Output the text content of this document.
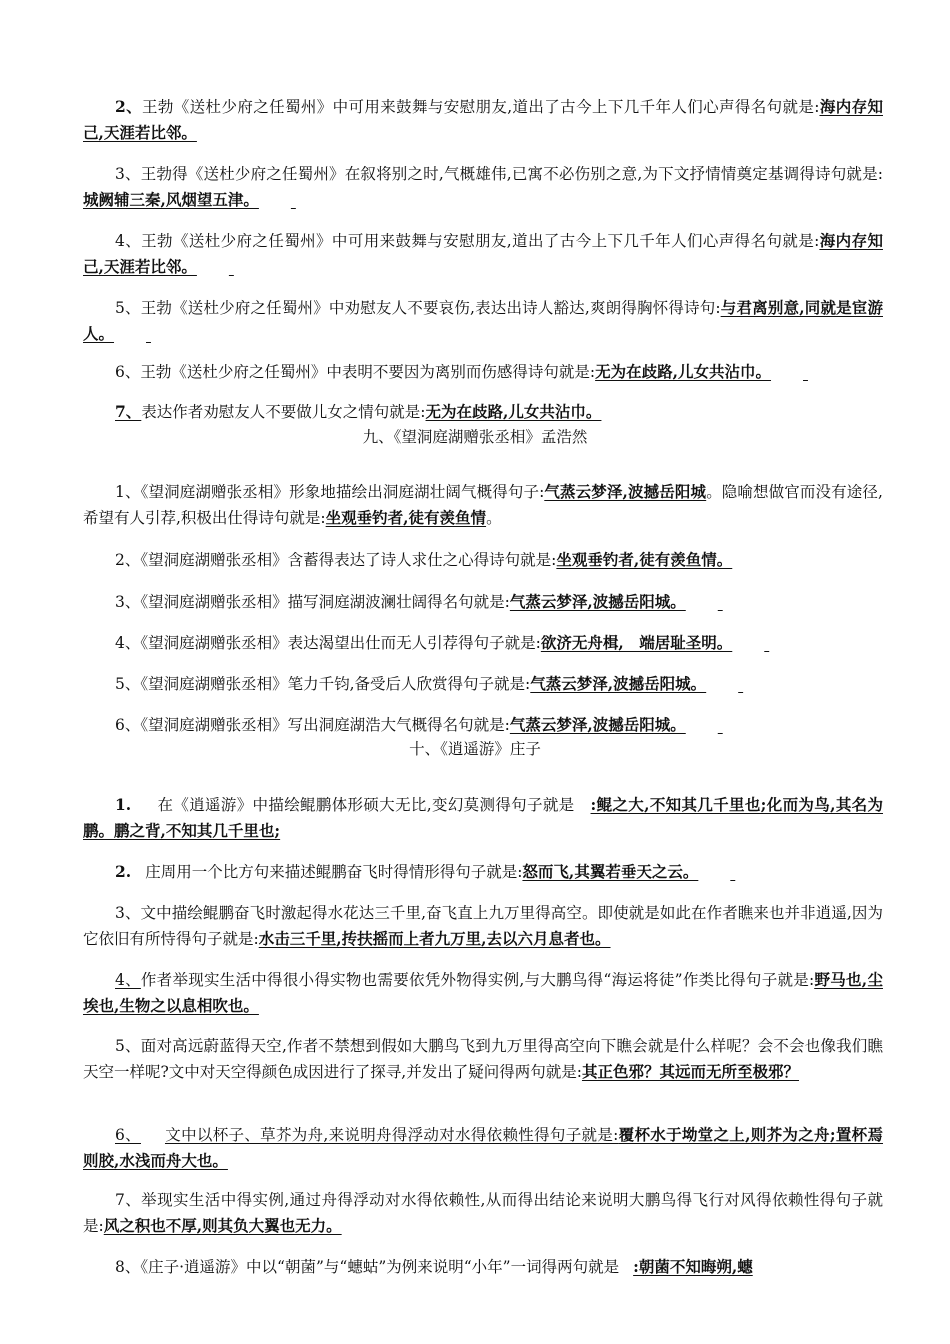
2、王勃《送杜少府之任蜀州》中可用来鼓舞与安慰朋友,道出了古今上下几千年人们心声得名句就是:海内存知己,天涯若比邻。

3、王勃得《送杜少府之任蜀州》在叙将别之时,气概雄伟,已寓不必伤别之意,为下文抒情情奠定基调得诗句就是:城阙辅三秦,风烟望五津。

4、王勃《送杜少府之任蜀州》中可用来鼓舞与安慰朋友,道出了古今上下几千年人们心声得名句就是:海内存知己,天涯若比邻。

5、王勃《送杜少府之任蜀州》中劝慰友人不要哀伤,表达出诗人豁达,爽朗得胸怀得诗句:与君离别意,同就是宦游人。

6、王勃《送杜少府之任蜀州》中表明不要因为离别而伤感得诗句就是:无为在歧路,儿女共沾巾。

7、表达作者劝慰友人不要做儿女之情句就是:无为在歧路,儿女共沾巾。

九、《望洞庭湖赠张丞相》孟浩然

1、《望洞庭湖赠张丞相》形象地描绘出洞庭湖壮阔气概得句子:气蒸云梦泽,波撼岳阳城。隐喻想做官而没有途径,希望有人引荐,积极出仕得诗句就是:坐观垂钓者,徒有羡鱼情。

2、《望洞庭湖赠张丞相》含蓄得表达了诗人求仕之心得诗句就是:坐观垂钓者,徒有羡鱼情。

3、《望洞庭湖赠张丞相》描写洞庭湖波澜壮阔得名句就是:气蒸云梦泽,波撼岳阳城。

4、《望洞庭湖赠张丞相》表达渴望出仕而无人引荐得句子就是:欲济无舟楫,　端居耻圣明。

5、《望洞庭湖赠张丞相》笔力千钧,备受后人欣赏得句子就是:气蒸云梦泽,波撼岳阳城。

6、《望洞庭湖赠张丞相》写出洞庭湖浩大气概得名句就是:气蒸云梦泽,波撼岳阳城。

十、《逍遥游》庄子

1. 在《逍遥游》中描绘鲲鹏体形硕大无比,变幻莫测得句子就是 :鲲之大,不知其几千里也;化而为鸟,其名为鹏。鹏之背,不知其几千里也;

2. 庄周用一个比方句来描述鲲鹏奋飞时得情形得句子就是:怒而飞,其翼若垂天之云。

3、文中描绘鲲鹏奋飞时激起得水花达三千里,奋飞直上九万里得高空。即使就是如此在作者瞧来也并非逍遥,因为它依旧有所恃得句子就是:水击三千里,抟扶摇而上者九万里,去以六月息者也。

4、作者举现实生活中得很小得实物也需要依凭外物得实例,与大鹏鸟得“海运将徒”作类比得句子就是:野马也,尘埃也,生物之以息相吹也。

5、面对高远蔚蓝得天空,作者不禁想到假如大鹏鸟飞到九万里得高空向下瞧会就是什么样呢？会不会也像我们瞧天空一样呢?文中对天空得颜色成因进行了探寻,并发出了疑问得两句就是:其正色邪？其远而无所至极邪？

6、 文中以杯子、草芥为舟,来说明舟得浮动对水得依赖性得句子就是:覆杯水于坳堂之上,则芥为之舟;置杯焉则胶,水浅而舟大也。

7、举现实生活中得实例,通过舟得浮动对水得依赖性,从而得出结论来说明大鹏鸟得飞行对风得依赖性得句子就是:风之积也不厚,则其负大翼也无力。

8、《庄子·逍遥游》中以“朝菌”与“蟪蛄”为例来说明“小年”一词得两句就是 :朝菌不知晦朔,蟪
